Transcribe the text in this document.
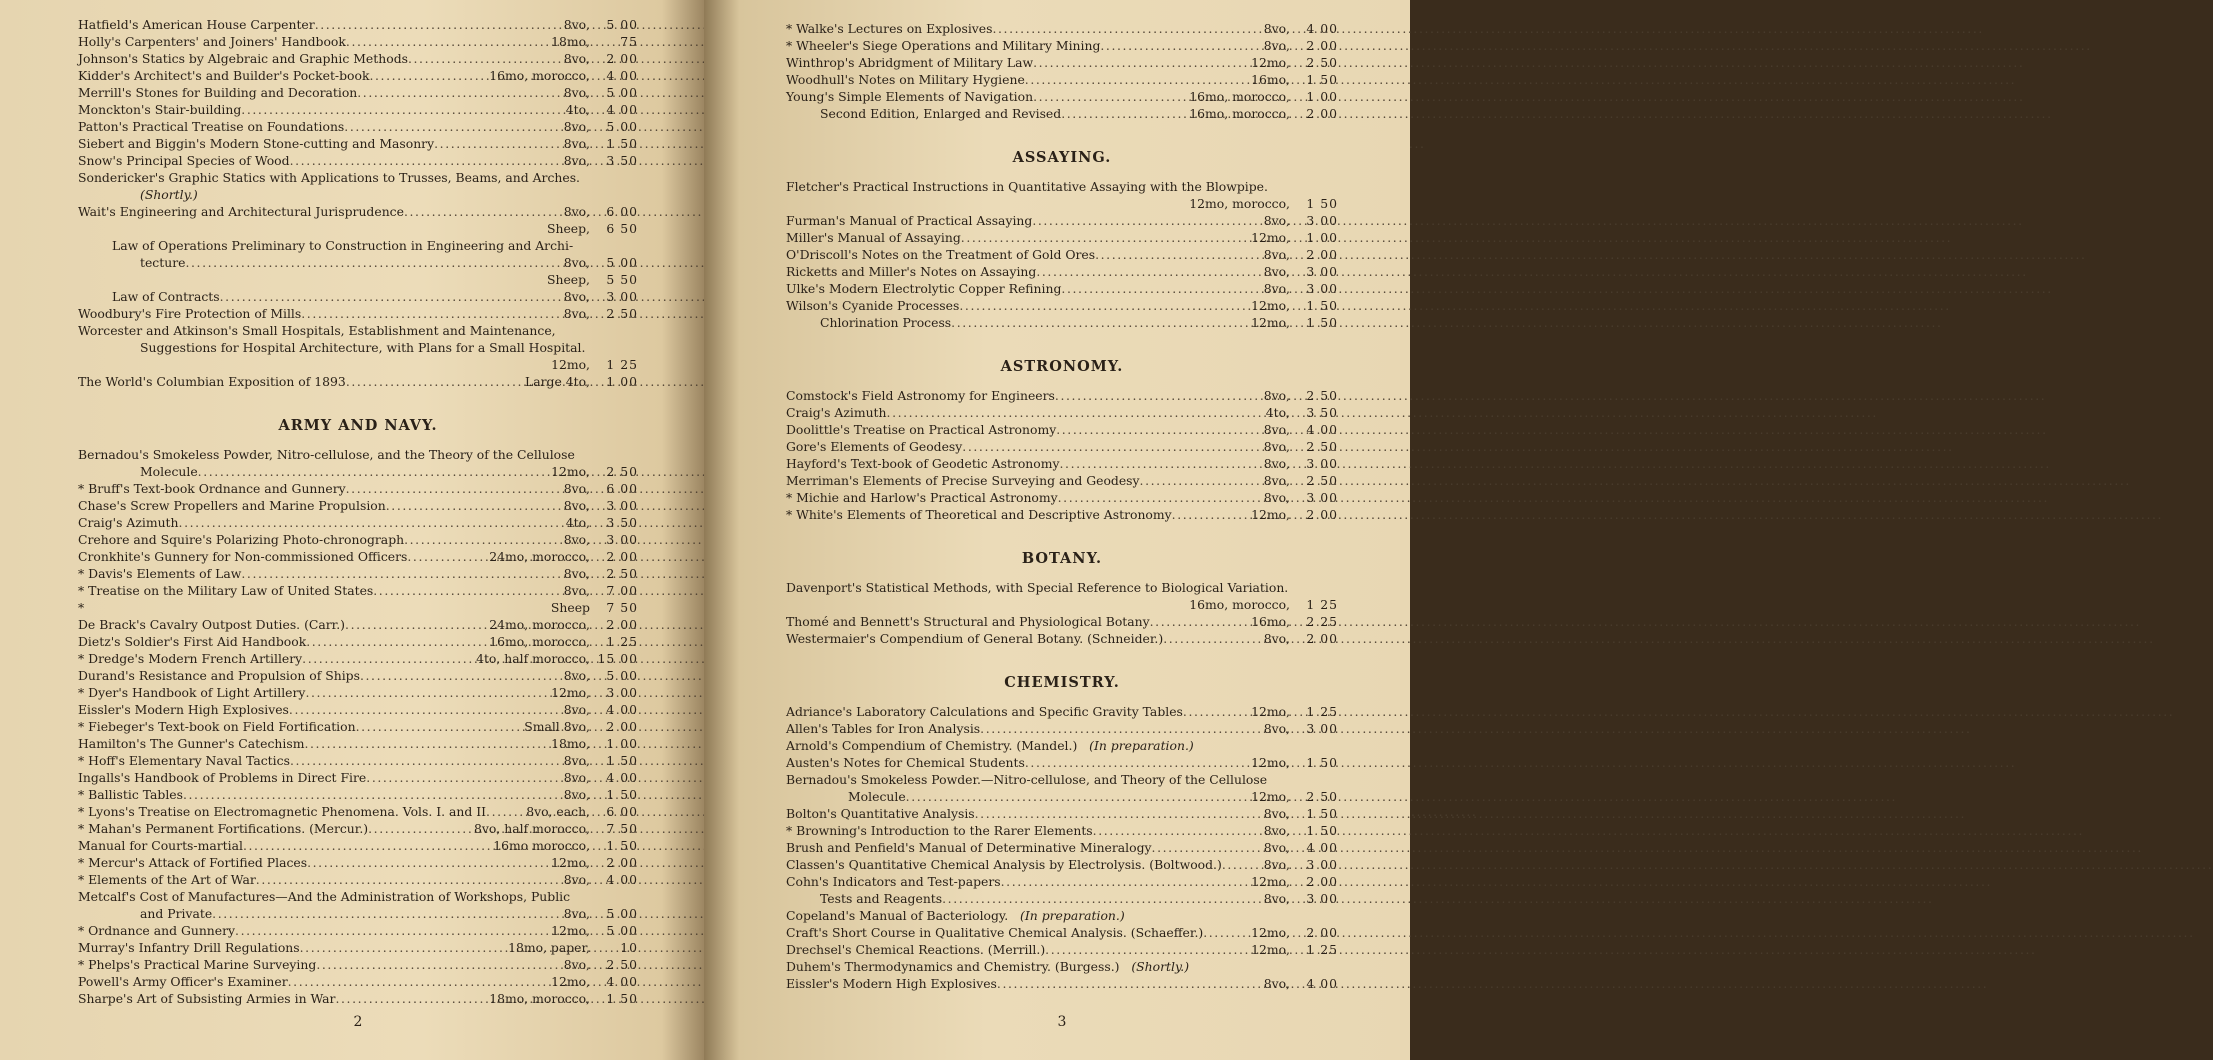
Hatfield's American House Carpenter .....	8vo,	5 00
Holly's Carpenters' and Joiners' Handbook .....	18mo,	75
Johnson's Statics by Algebraic and Graphic Methods .....	8vo,	2 00
Kidder's Architect's and Builder's Pocket-book .....	16mo, morocco,	4 00
Merrill's Stones for Building and Decoration .....	8vo,	5 00
Monckton's Stair-building .....	4to,	4 00
Patton's Practical Treatise on Foundations .....	8vo,	5 00
Siebert and Biggin's Modern Stone-cutting and Masonry .....	8vo,	1 50
Snow's Principal Species of Wood .....	8vo,	3 50
Sondericker's Graphic Statics with Applications to Trusses, Beams, and Arches.
(Shortly.)
Wait's Engineering and Architectural Jurisprudence .....	8vo,	6 00
Sheep,	6 50
Law of Operations Preliminary to Construction in Engineering and Archi-
tecture .....	8vo,	5 00
Sheep,	5 50
Law of Contracts .....	8vo,	3 00
Woodbury's Fire Protection of Mills .....	8vo,	2 50
Worcester and Atkinson's Small Hospitals, Establishment and Maintenance,
Suggestions for Hospital Architecture, with Plans for a Small Hospital.
12mo,	1 25
The World's Columbian Exposition of 1893 .....	Large 4to,	1 00
ARMY AND NAVY.
Bernadou's Smokeless Powder, Nitro-cellulose, and the Theory of the Cellulose
Molecule .....	12mo,	2 50
* Bruff's Text-book Ordnance and Gunnery .....	8vo,	6 00
Chase's Screw Propellers and Marine Propulsion .....	8vo,	3 00
Craig's Azimuth .....	4to,	3 50
Crehore and Squire's Polarizing Photo-chronograph .....	8vo,	3 00
Cronkhite's Gunnery for Non-commissioned Officers .....	24mo, morocco,	2 00
* Davis's Elements of Law .....	8vo,	2 50
* Treatise on the Military Law of United States .....	8vo,	7 00
*	Sheep	7 50
De Brack's Cavalry Outpost Duties. (Carr.) .....	24mo, morocco,	2 00
Dietz's Soldier's First Aid Handbook .....	16mo, morocco,	1 25
* Dredge's Modern French Artillery .....	4to, half morocco, 15 00
Durand's Resistance and Propulsion of Ships .....	8vo,	5 00
* Dyer's Handbook of Light Artillery .....	12mo,	3 00
Eissler's Modern High Explosives .....	8vo,	4 00
* Fiebeger's Text-book on Field Fortification .....	Small 8vo,	2 00
Hamilton's The Gunner's Catechism .....	18mo,	1 00
* Hoff's Elementary Naval Tactics .....	8vo,	1 50
Ingalls's Handbook of Problems in Direct Fire .....	8vo,	4 00
* Ballistic Tables .....	8vo,	1 50
* Lyons's Treatise on Electromagnetic Phenomena. Vols. I. and II .....	8vo, each,	6 00
* Mahan's Permanent Fortifications. (Mercur.) .....	8vo, half morocco,	7 50
Manual for Courts-martial .....	16mo morocco,	1 50
* Mercur's Attack of Fortified Places .....	12mo,	2 00
* Elements of the Art of War .....	8vo,	4 00
Metcalf's Cost of Manufactures—And the Administration of Workshops, Public
and Private .....	8vo,	5 00
* Ordnance and Gunnery .....	12mo,	5 00
Murray's Infantry Drill Regulations .....	18mo, paper,	10
* Phelps's Practical Marine Surveying .....	8vo,	2 50
Powell's Army Officer's Examiner .....	12mo,	4 00
Sharpe's Art of Subsisting Armies in War .....	18mo, morocco,	1 50
2
* Walke's Lectures on Explosives .....	8vo,	4 00
* Wheeler's Siege Operations and Military Mining .....	8vo,	2 00
Winthrop's Abridgment of Military Law .....	12mo,	2 50
Woodhull's Notes on Military Hygiene .....	16mo,	1 50
Young's Simple Elements of Navigation .....	16mo, morocco,	1 00
Second Edition, Enlarged and Revised .....	16mo, morocco,	2 00
ASSAYING.
Fletcher's Practical Instructions in Quantitative Assaying with the Blowpipe.
12mo, morocco,	1 50
Furman's Manual of Practical Assaying .....	8vo,	3 00
Miller's Manual of Assaying .....	12mo,	1 00
O'Driscoll's Notes on the Treatment of Gold Ores .....	8vo,	2 00
Ricketts and Miller's Notes on Assaying .....	8vo,	3 00
Ulke's Modern Electrolytic Copper Refining .....	8vo,	3 00
Wilson's Cyanide Processes .....	12mo,	1 50
Chlorination Process .....	12mo,	1 50
ASTRONOMY.
Comstock's Field Astronomy for Engineers .....	8vo,	2 50
Craig's Azimuth .....	4to,	3 50
Doolittle's Treatise on Practical Astronomy .....	8vo,	4 00
Gore's Elements of Geodesy .....	8vo,	2 50
Hayford's Text-book of Geodetic Astronomy .....	8vo,	3 00
Merriman's Elements of Precise Surveying and Geodesy .....	8vo,	2 50
* Michie and Harlow's Practical Astronomy .....	8vo,	3 00
* White's Elements of Theoretical and Descriptive Astronomy .....	12mo,	2 00
BOTANY.
Davenport's Statistical Methods, with Special Reference to Biological Variation.
16mo, morocco,	1 25
Thomé and Bennett's Structural and Physiological Botany .....	16mo,	2 25
Westermaier's Compendium of General Botany. (Schneider.) .....	8vo,	2 00
CHEMISTRY.
Adriance's Laboratory Calculations and Specific Gravity Tables .....	12mo,	1 25
Allen's Tables for Iron Analysis .....	8vo,	3 00
Arnold's Compendium of Chemistry. (Mandel.) (In preparation.)
Austen's Notes for Chemical Students .....	12mo,	1 50
Bernadou's Smokeless Powder.—Nitro-cellulose, and Theory of the Cellulose
Molecule .....	12mo,	2 50
Bolton's Quantitative Analysis .....	8vo,	1 50
* Browning's Introduction to the Rarer Elements .....	8vo,	1 50
Brush and Penfield's Manual of Determinative Mineralogy .....	8vo,	4 00
Classen's Quantitative Chemical Analysis by Electrolysis. (Boltwood.) .....	8vo,	3 00
Cohn's Indicators and Test-papers .....	12mo,	2 00
Tests and Reagents .....	8vo,	3 00
Copeland's Manual of Bacteriology. (In preparation.)
Craft's Short Course in Qualitative Chemical Analysis. (Schaeffer.) .....	12mo,	2 00
Drechsel's Chemical Reactions. (Merrill.) .....	12mo,	1 25
Duhem's Thermodynamics and Chemistry. (Burgess.) (Shortly.)
Eissler's Modern High Explosives .....	8vo,	4 00
3
